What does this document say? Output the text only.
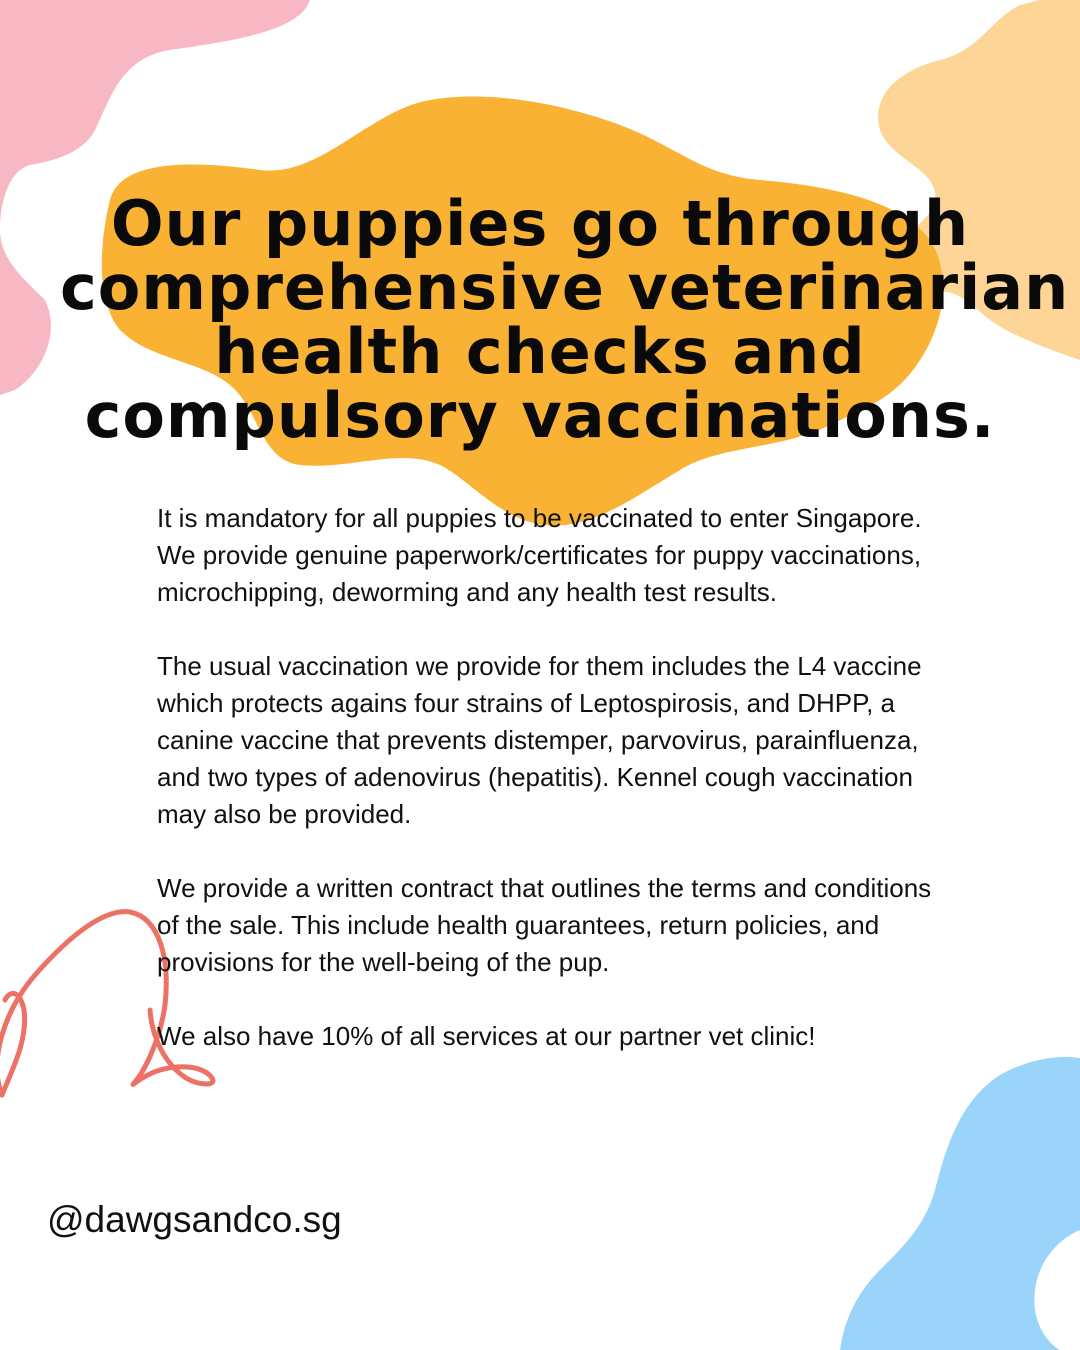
Our puppies go through
comprehensive veterinarian
health checks and
compulsory vaccinations.

It is mandatory for all puppies to be vaccinated to enter Singapore. We provide genuine paperwork/certificates for puppy vaccinations, microchipping, deworming and any health test results.

The usual vaccination we provide for them includes the L4 vaccine which protects agains four strains of Leptospirosis, and DHPP, a canine vaccine that prevents distemper, parvovirus, parainfluenza, and two types of adenovirus (hepatitis). Kennel cough vaccination may also be provided.

We provide a written contract that outlines the terms and conditions of the sale. This include health guarantees, return policies, and provisions for the well-being of the pup.

We also have 10% of all services at our partner vet clinic!

@dawgsandco.sg
